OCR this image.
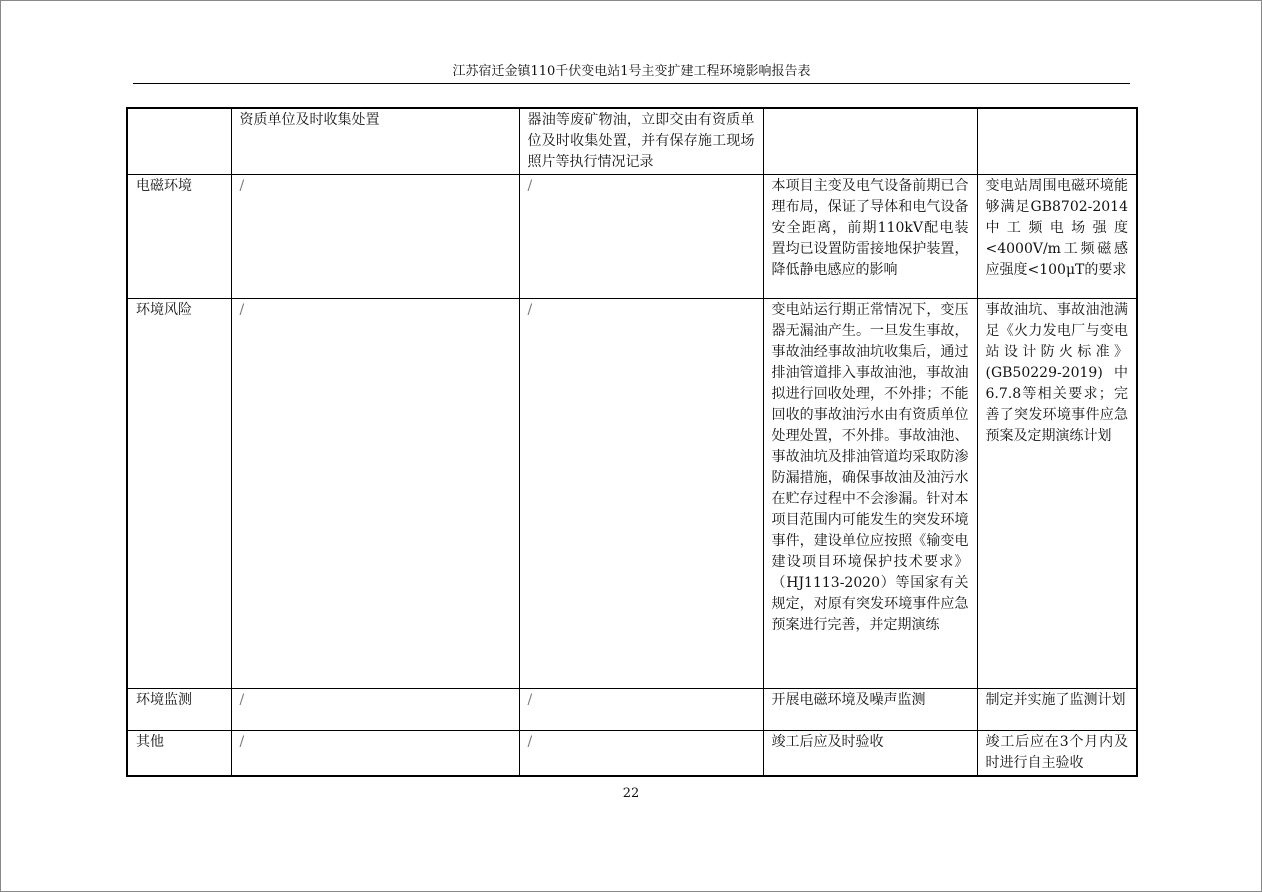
江苏宿迁金镇110千伏变电站1号主变扩建工程环境影响报告表
	资质单位及时收集处置	器油等废矿物油，立即交由有资质单位及时收集处置，并有保存施工现场照片等执行情况记录		
电磁环境	/	/	本项目主变及电气设备前期已合理布局，保证了导体和电气设备安全距离，前期110kV配电装置均已设置防雷接地保护装置，降低静电感应的影响	变电站周围电磁环境能够满足GB8702-2014中工频电场强度<4000V/m工频磁感应强度<100μT的要求
环境风险	/	/	变电站运行期正常情况下，变压器无漏油产生。一旦发生事故，事故油经事故油坑收集后，通过排油管道排入事故油池，事故油拟进行回收处理，不外排；不能回收的事故油污水由有资质单位处理处置，不外排。事故油池、事故油坑及排油管道均采取防渗防漏措施，确保事故油及油污水在贮存过程中不会渗漏。针对本项目范围内可能发生的突发环境事件，建设单位应按照《输变电建设项目环境保护技术要求》（HJ1113-2020）等国家有关规定，对原有突发环境事件应急预案进行完善，并定期演练	事故油坑、事故油池满足《火力发电厂与变电站设计防火标准》(GB50229-2019)中6.7.8等相关要求；完善了突发环境事件应急预案及定期演练计划
环境监测	/	/	开展电磁环境及噪声监测	制定并实施了监测计划
其他	/	/	竣工后应及时验收	竣工后应在3个月内及时进行自主验收
22
